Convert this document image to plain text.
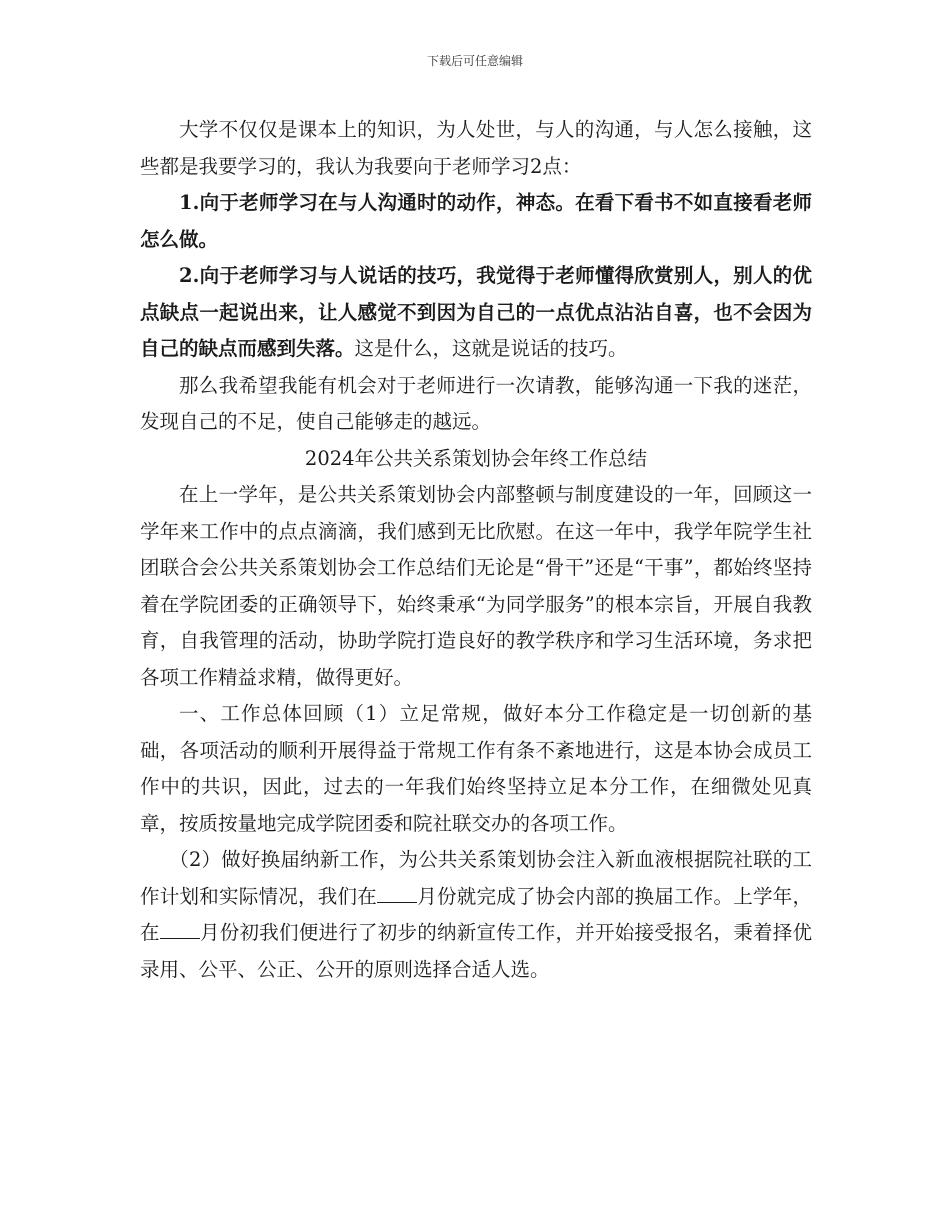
下载后可任意编辑

大学不仅仅是课本上的知识，为人处世，与人的沟通，与人怎么接触，这些都是我要学习的，我认为我要向于老师学习2点：

1.向于老师学习在与人沟通时的动作，神态。在看下看书不如直接看老师怎么做。

2.向于老师学习与人说话的技巧，我觉得于老师懂得欣赏别人，别人的优点缺点一起说出来，让人感觉不到因为自己的一点优点沾沾自喜，也不会因为自己的缺点而感到失落。这是什么，这就是说话的技巧。

那么我希望我能有机会对于老师进行一次请教，能够沟通一下我的迷茫，发现自己的不足，使自己能够走的越远。

2024年公共关系策划协会年终工作总结

在上一学年，是公共关系策划协会内部整顿与制度建设的一年，回顾这一学年来工作中的点点滴滴，我们感到无比欣慰。在这一年中，我学年院学生社团联合会公共关系策划协会工作总结们无论是“骨干”还是“干事”，都始终坚持着在学院团委的正确领导下，始终秉承“为同学服务”的根本宗旨，开展自我教育，自我管理的活动，协助学院打造良好的教学秩序和学习生活环境，务求把各项工作精益求精，做得更好。

一、工作总体回顾（1）立足常规，做好本分工作稳定是一切创新的基础，各项活动的顺利开展得益于常规工作有条不紊地进行，这是本协会成员工作中的共识，因此，过去的一年我们始终坚持立足本分工作，在细微处见真章，按质按量地完成学院团委和院社联交办的各项工作。

（2）做好换届纳新工作，为公共关系策划协会注入新血液根据院社联的工作计划和实际情况，我们在 月份就完成了协会内部的换届工作。上学年，在 月份初我们便进行了初步的纳新宣传工作，并开始接受报名，秉着择优录用、公平、公正、公开的原则选择合适人选。
